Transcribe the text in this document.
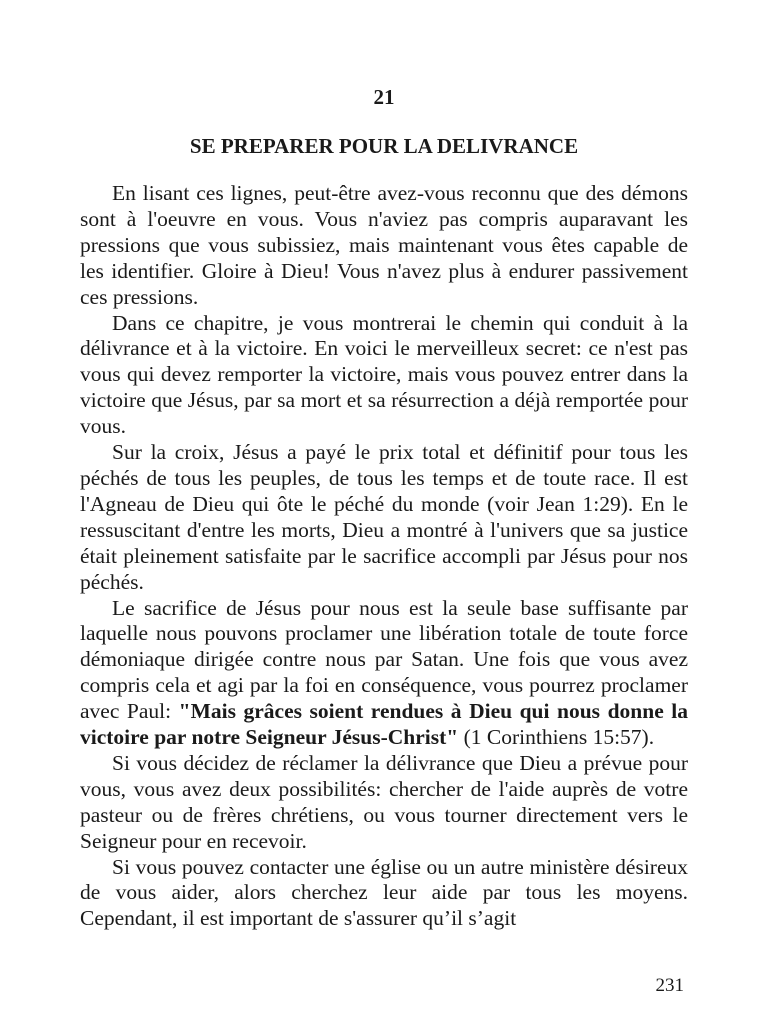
21
SE PREPARER POUR LA DELIVRANCE

En lisant ces lignes, peut-être avez-vous reconnu que des démons sont à l'oeuvre en vous. Vous n'aviez pas compris auparavant les pressions que vous subissiez, mais maintenant vous êtes capable de les identifier. Gloire à Dieu! Vous n'avez plus à endurer passivement ces pressions.

Dans ce chapitre, je vous montrerai le chemin qui conduit à la délivrance et à la victoire. En voici le merveilleux secret: ce n'est pas vous qui devez remporter la victoire, mais vous pouvez entrer dans la victoire que Jésus, par sa mort et sa résurrection a déjà remportée pour vous.

Sur la croix, Jésus a payé le prix total et définitif pour tous les péchés de tous les peuples, de tous les temps et de toute race. Il est l'Agneau de Dieu qui ôte le péché du monde (voir Jean 1:29). En le ressuscitant d'entre les morts, Dieu a montré à l'univers que sa justice était pleinement satisfaite par le sacrifice accompli par Jésus pour nos péchés.

Le sacrifice de Jésus pour nous est la seule base suffisante par laquelle nous pouvons proclamer une libération totale de toute force démoniaque dirigée contre nous par Satan. Une fois que vous avez compris cela et agi par la foi en conséquence, vous pourrez proclamer avec Paul: "Mais grâces soient rendues à Dieu qui nous donne la victoire par notre Seigneur Jésus-Christ" (1 Corinthiens 15:57).

Si vous décidez de réclamer la délivrance que Dieu a prévue pour vous, vous avez deux possibilités: chercher de l'aide auprès de votre pasteur ou de frères chrétiens, ou vous tourner directement vers le Seigneur pour en recevoir.

Si vous pouvez contacter une église ou un autre ministère désireux de vous aider, alors cherchez leur aide par tous les moyens. Cependant, il est important de s'assurer qu’il s’agit

231
